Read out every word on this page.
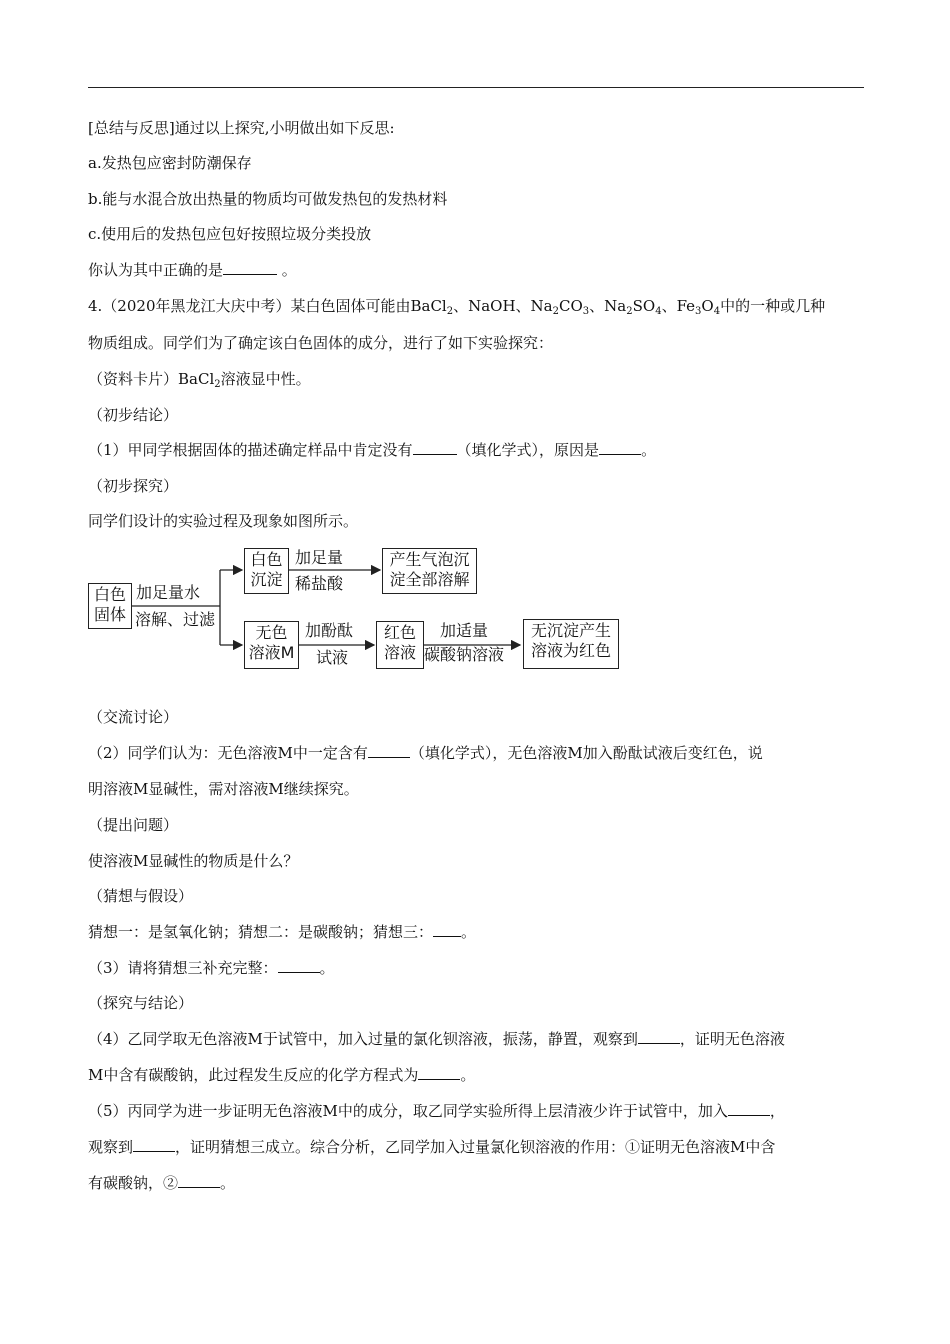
[总结与反思]通过以上探究,小明做出如下反思:
a.发热包应密封防潮保存
b.能与水混合放出热量的物质均可做发热包的发热材料
c.使用后的发热包应包好按照垃圾分类投放
你认为其中正确的是	。
4.（2020年黑龙江大庆中考）某白色固体可能由BaCl$_2$、NaOH、$Na_2CO_3$、$Na_2SO_4$、$Fe_3O_4$中的一种或几种
物质组成。同学们为了确定该白色固体的成分，进行了如下实验探究：
（资料卡片）BaCl$_2$溶液显中性。
（初步结论）
（1）甲同学根据固体的描述确定样品中肯定没有	（填化学式），原因是	。
（初步探究）
同学们设计的实验过程及现象如图所示。
白色
固体
加足量水
溶解、过滤
白色
沉淀
加足量
稀盐酸
产生气泡沉
淀全部溶解
无色
溶液M
加酚酞
试液
红色
溶液
加适量
碳酸钠溶液
无沉淀产生
溶液为红色
（交流讨论）
（2）同学们认为：无色溶液M中一定含有	（填化学式），无色溶液M加入酚酞试液后变红色，说
明溶液M显碱性，需对溶液M继续探究。
（提出问题）
使溶液M显碱性的物质是什么？
（猜想与假设）
猜想一：是氢氧化钠；猜想二：是碳酸钠；猜想三： 。
（3）请将猜想三补充完整：	。
（探究与结论）
（4）乙同学取无色溶液M于试管中，加入过量的氯化钡溶液，振荡，静置，观察到	，证明无色溶液
M中含有碳酸钠，此过程发生反应的化学方程式为	。
（5）丙同学为进一步证明无色溶液M中的成分，取乙同学实验所得上层清液少许于试管中，加入	，
观察到	，证明猜想三成立。综合分析，乙同学加入过量氯化钡溶液的作用：①证明无色溶液M中含
有碳酸钠，②	。
